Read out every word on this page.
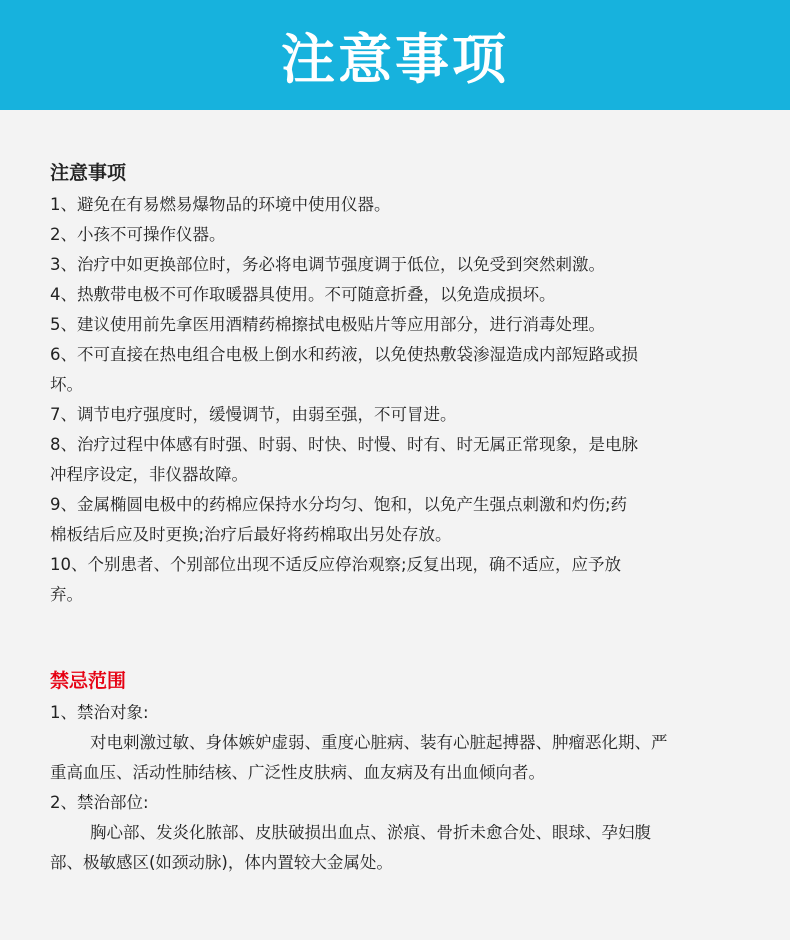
注意事项
注意事项
1、避免在有易燃易爆物品的环境中使用仪器。
2、小孩不可操作仪器。
3、治疗中如更换部位时，务必将电调节强度调于低位，以免受到突然刺激。
4、热敷带电极不可作取暖器具使用。不可随意折叠，以免造成损坏。
5、建议使用前先拿医用酒精药棉擦拭电极贴片等应用部分，进行消毒处理。
6、不可直接在热电组合电极上倒水和药液，以免使热敷袋渗湿造成内部短路或损
坏。
7、调节电疗强度时，缓慢调节，由弱至强，不可冒进。
8、治疗过程中体感有时强、时弱、时快、时慢、时有、时无属正常现象，是电脉
冲程序设定，非仪器故障。
9、金属椭圆电极中的药棉应保持水分均匀、饱和，以免产生强点刺激和灼伤;药
棉板结后应及时更换;治疗后最好将药棉取出另处存放。
10、个别患者、个别部位出现不适反应停治观察;反复出现，确不适应，应予放
弃。
禁忌范围
1、禁治对象:
对电刺激过敏、身体嫉妒虚弱、重度心脏病、装有心脏起搏器、肿瘤恶化期、严
重高血压、活动性肺结核、广泛性皮肤病、血友病及有出血倾向者。
2、禁治部位:
胸心部、发炎化脓部、皮肤破损出血点、淤痕、骨折未愈合处、眼球、孕妇腹
部、极敏感区(如颈动脉)，体内置较大金属处。
